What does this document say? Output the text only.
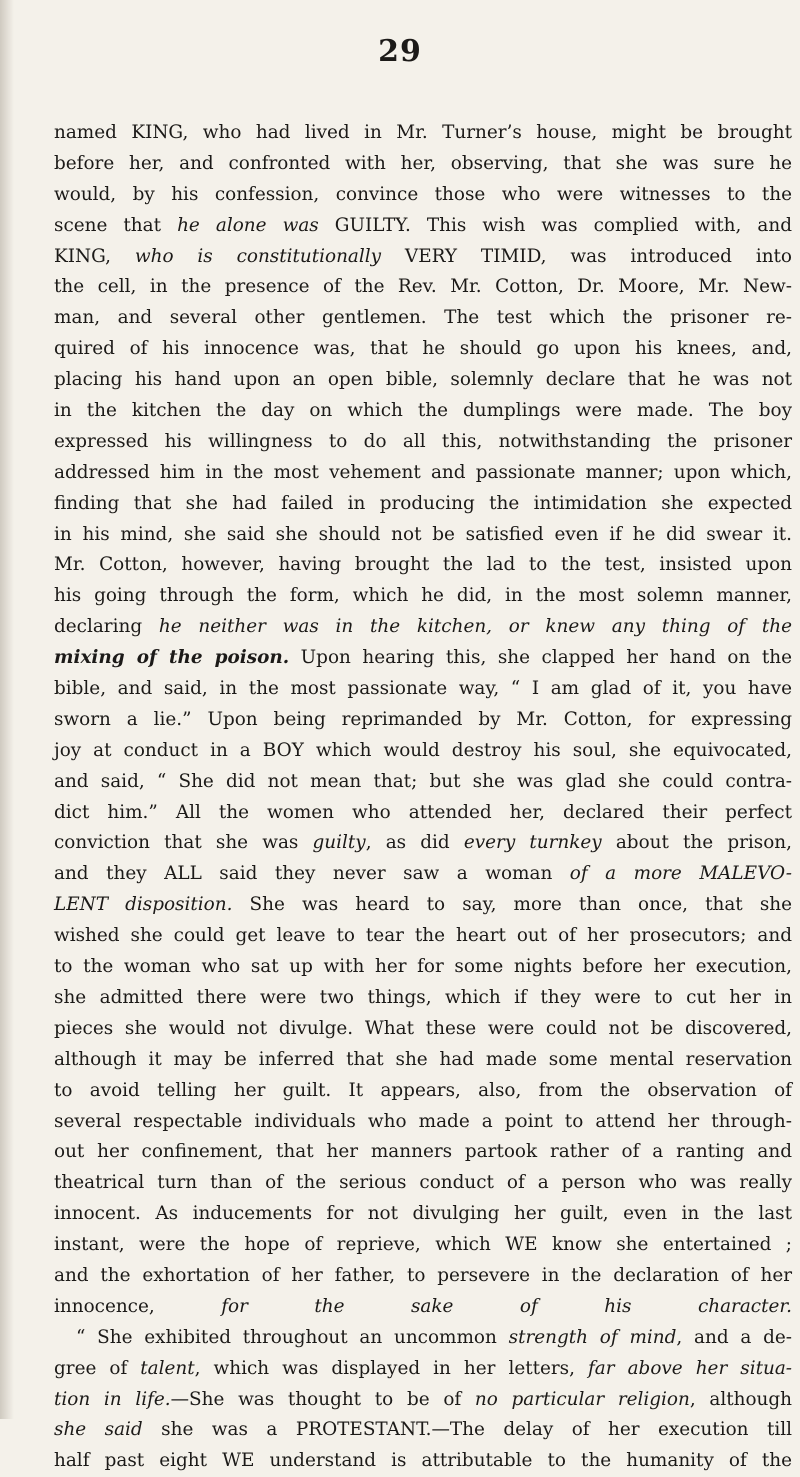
29
named KING, who had lived in Mr. Turner’s house, might be brought
before her, and confronted with her, observing, that she was sure he
would, by his confession, convince those who were witnesses to the
scene that he alone was GUILTY. This wish was complied with, and
KING, who is constitutionally VERY TIMID, was introduced into
the cell, in the presence of the Rev. Mr. Cotton, Dr. Moore, Mr. New-
man, and several other gentlemen. The test which the prisoner re-
quired of his innocence was, that he should go upon his knees, and,
placing his hand upon an open bible, solemnly declare that he was not
in the kitchen the day on which the dumplings were made. The boy
expressed his willingness to do all this, notwithstanding the prisoner
addressed him in the most vehement and passionate manner; upon which,
finding that she had failed in producing the intimidation she expected
in his mind, she said she should not be satisfied even if he did swear it.
Mr. Cotton, however, having brought the lad to the test, insisted upon
his going through the form, which he did, in the most solemn manner,
declaring he neither was in the kitchen, or knew any thing of the
mixing of the poison. Upon hearing this, she clapped her hand on the
bible, and said, in the most passionate way, “ I am glad of it, you have
sworn a lie.” Upon being reprimanded by Mr. Cotton, for expressing
joy at conduct in a BOY which would destroy his soul, she equivocated,
and said, “ She did not mean that; but she was glad she could contra-
dict him.” All the women who attended her, declared their perfect
conviction that she was guilty, as did every turnkey about the prison,
and they ALL said they never saw a woman of a more MALEVO-
LENT disposition. She was heard to say, more than once, that she
wished she could get leave to tear the heart out of her prosecutors; and
to the woman who sat up with her for some nights before her execution,
she admitted there were two things, which if they were to cut her in
pieces she would not divulge. What these were could not be discovered,
although it may be inferred that she had made some mental reservation
to avoid telling her guilt. It appears, also, from the observation of
several respectable individuals who made a point to attend her through-
out her confinement, that her manners partook rather of a ranting and
theatrical turn than of the serious conduct of a person who was really
innocent. As inducements for not divulging her guilt, even in the last
instant, were the hope of reprieve, which WE know she entertained ;
and the exhortation of her father, to persevere in the declaration of her
innocence, for the sake of his character.
“ She exhibited throughout an uncommon strength of mind, and a de-
gree of talent, which was displayed in her letters, far above her situa-
tion in life.—She was thought to be of no particular religion, although
she said she was a PROTESTANT.—The delay of her execution till
half past eight WE understand is attributable to the humanity of the
